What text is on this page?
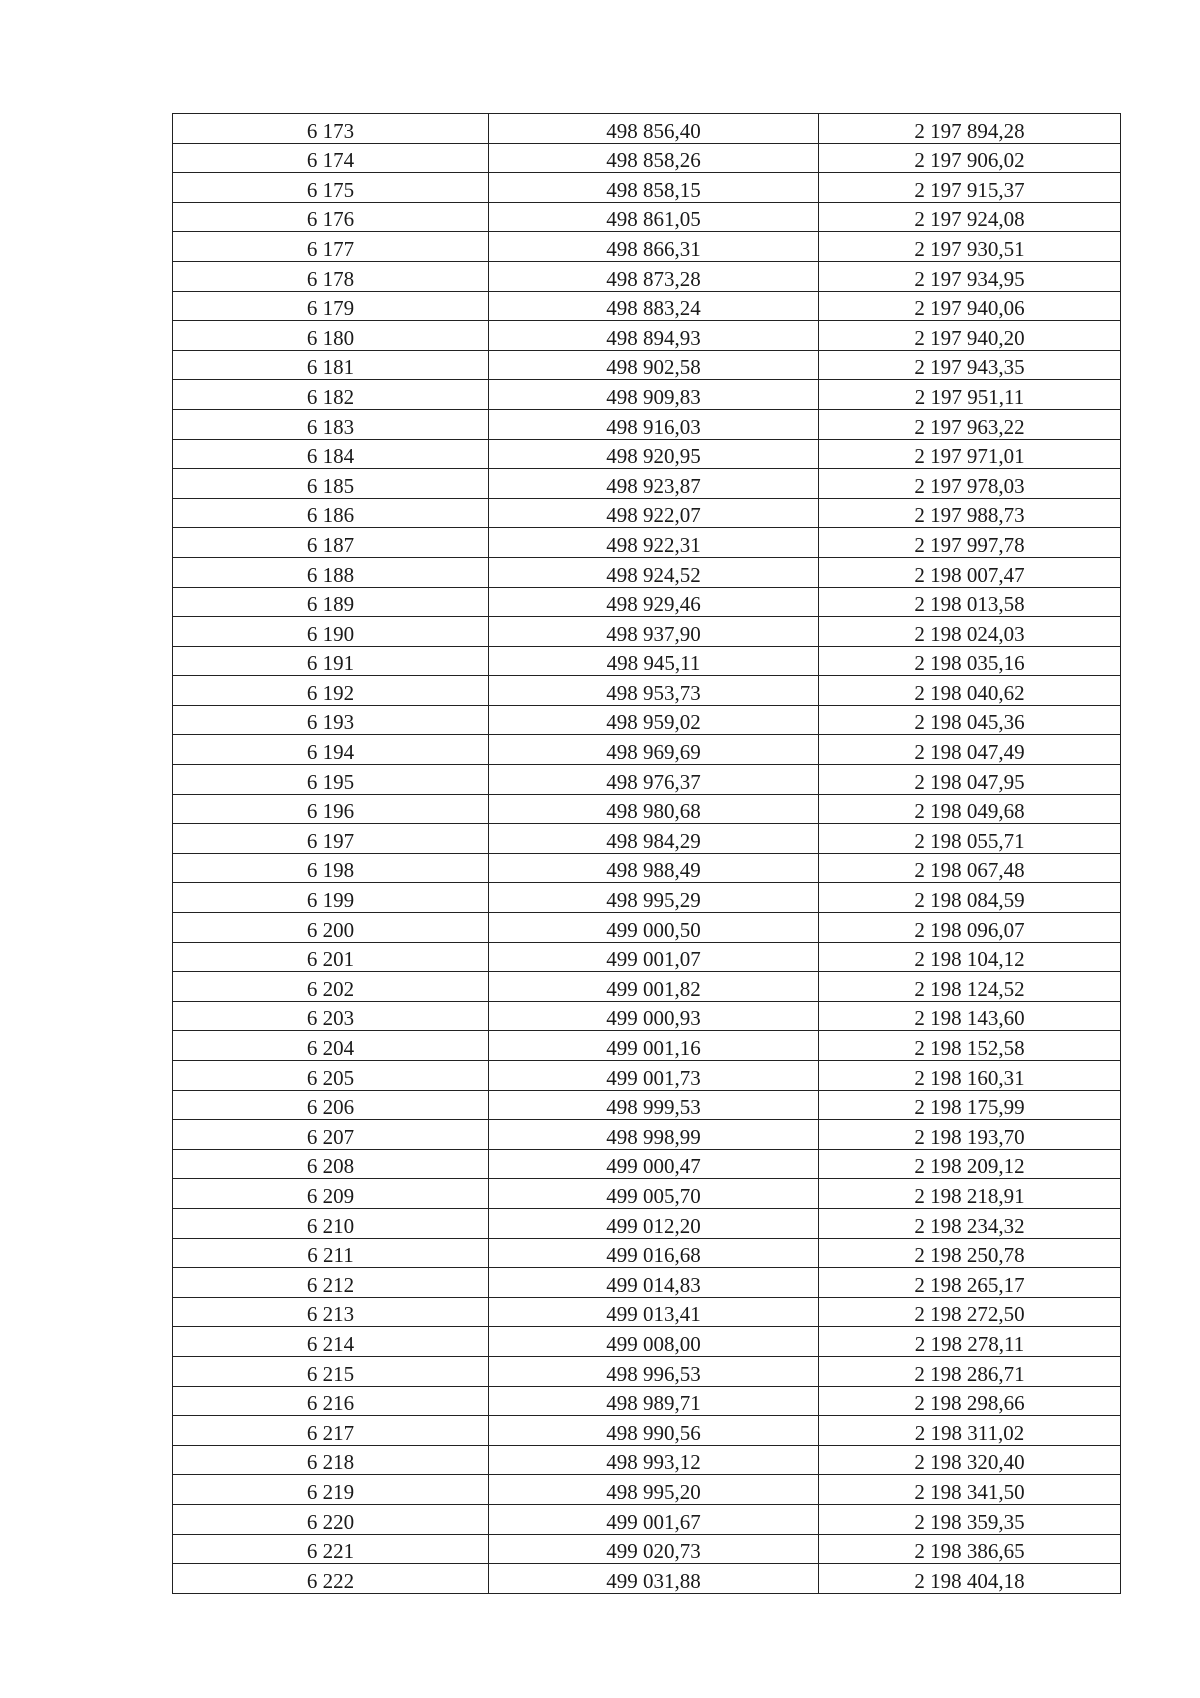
6 173	498 856,40	2 197 894,28
6 174	498 858,26	2 197 906,02
6 175	498 858,15	2 197 915,37
6 176	498 861,05	2 197 924,08
6 177	498 866,31	2 197 930,51
6 178	498 873,28	2 197 934,95
6 179	498 883,24	2 197 940,06
6 180	498 894,93	2 197 940,20
6 181	498 902,58	2 197 943,35
6 182	498 909,83	2 197 951,11
6 183	498 916,03	2 197 963,22
6 184	498 920,95	2 197 971,01
6 185	498 923,87	2 197 978,03
6 186	498 922,07	2 197 988,73
6 187	498 922,31	2 197 997,78
6 188	498 924,52	2 198 007,47
6 189	498 929,46	2 198 013,58
6 190	498 937,90	2 198 024,03
6 191	498 945,11	2 198 035,16
6 192	498 953,73	2 198 040,62
6 193	498 959,02	2 198 045,36
6 194	498 969,69	2 198 047,49
6 195	498 976,37	2 198 047,95
6 196	498 980,68	2 198 049,68
6 197	498 984,29	2 198 055,71
6 198	498 988,49	2 198 067,48
6 199	498 995,29	2 198 084,59
6 200	499 000,50	2 198 096,07
6 201	499 001,07	2 198 104,12
6 202	499 001,82	2 198 124,52
6 203	499 000,93	2 198 143,60
6 204	499 001,16	2 198 152,58
6 205	499 001,73	2 198 160,31
6 206	498 999,53	2 198 175,99
6 207	498 998,99	2 198 193,70
6 208	499 000,47	2 198 209,12
6 209	499 005,70	2 198 218,91
6 210	499 012,20	2 198 234,32
6 211	499 016,68	2 198 250,78
6 212	499 014,83	2 198 265,17
6 213	499 013,41	2 198 272,50
6 214	499 008,00	2 198 278,11
6 215	498 996,53	2 198 286,71
6 216	498 989,71	2 198 298,66
6 217	498 990,56	2 198 311,02
6 218	498 993,12	2 198 320,40
6 219	498 995,20	2 198 341,50
6 220	499 001,67	2 198 359,35
6 221	499 020,73	2 198 386,65
6 222	499 031,88	2 198 404,18
